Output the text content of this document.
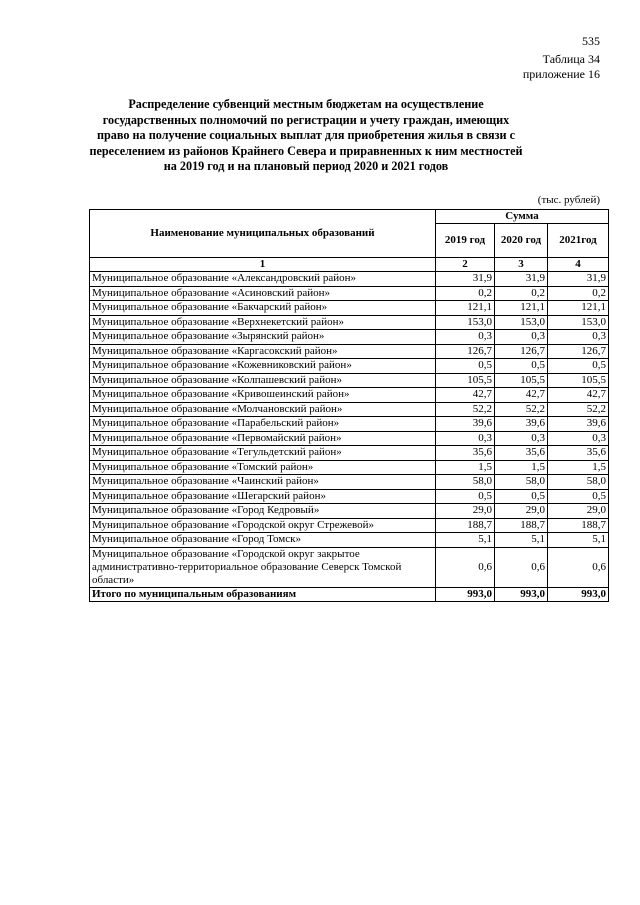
535
Таблица 34
приложение 16
Распределение субвенций местным бюджетам на осуществление
государственных полномочий по регистрации и учету граждан, имеющих
право на получение социальных выплат для приобретения жилья в связи с
переселением из районов Крайнего Севера и приравненных к ним местностей
на 2019 год и на плановый период 2020 и 2021 годов
(тыс. рублей)
Наименование муниципальных образований	Сумма		
	2019 год	2020 год	2021год
1	2	3	4
Муниципальное образование «Александровский район»	31,9	31,9	31,9
Муниципальное образование «Асиновский район»	0,2	0,2	0,2
Муниципальное образование «Бакчарский район»	121,1	121,1	121,1
Муниципальное образование «Верхнекетский район»	153,0	153,0	153,0
Муниципальное образование «Зырянский район»	0,3	0,3	0,3
Муниципальное образование «Каргасокский район»	126,7	126,7	126,7
Муниципальное образование «Кожевниковский район»	0,5	0,5	0,5
Муниципальное образование «Колпашевский район»	105,5	105,5	105,5
Муниципальное образование «Кривошеинский район»	42,7	42,7	42,7
Муниципальное образование «Молчановский район»	52,2	52,2	52,2
Муниципальное образование «Парабельский район»	39,6	39,6	39,6
Муниципальное образование «Первомайский район»	0,3	0,3	0,3
Муниципальное образование «Тегульдетский район»	35,6	35,6	35,6
Муниципальное образование «Томский район»	1,5	1,5	1,5
Муниципальное образование «Чаинский район»	58,0	58,0	58,0
Муниципальное образование «Шегарский район»	0,5	0,5	0,5
Муниципальное образование «Город Кедровый»	29,0	29,0	29,0
Муниципальное образование «Городской округ Стрежевой»	188,7	188,7	188,7
Муниципальное образование «Город Томск»	5,1	5,1	5,1
Муниципальное образование «Городской округ закрытое административно-территориальное образование Северск Томской области»	0,6	0,6	0,6
Итого по муниципальным образованиям	993,0	993,0	993,0
